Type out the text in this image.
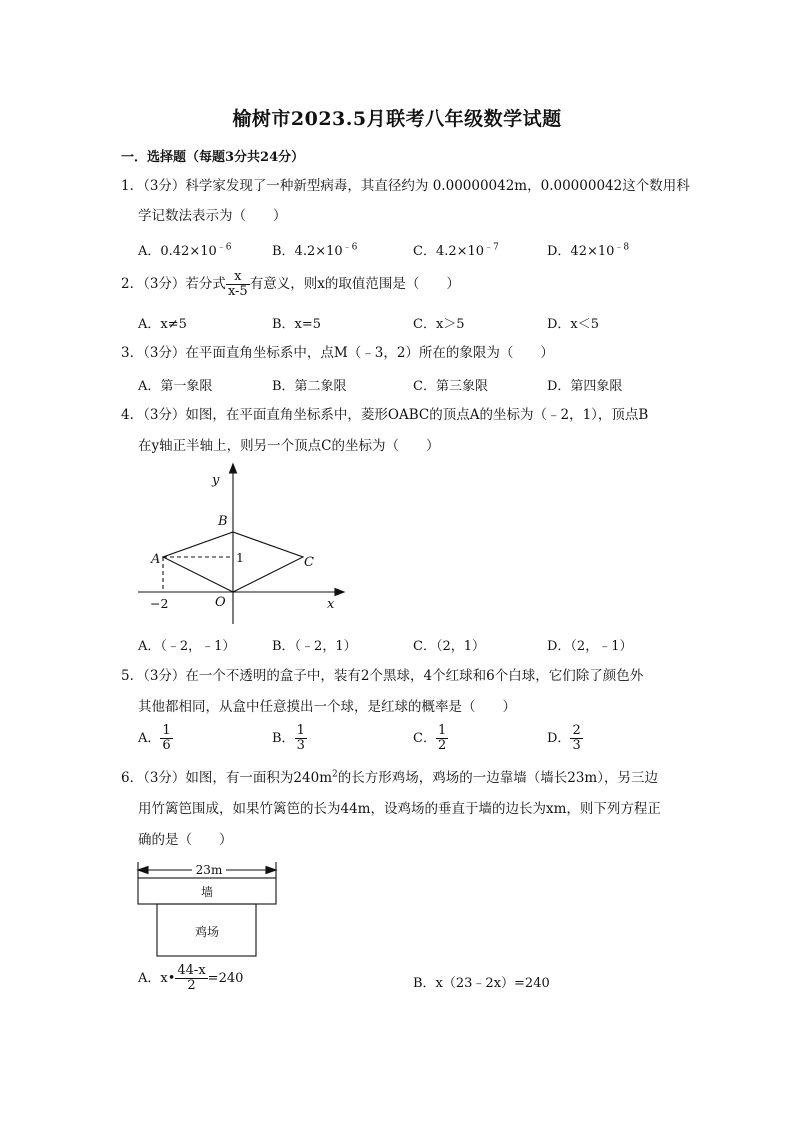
榆树市2023.5月联考八年级数学试题
一．选择题（每题3分共24分）
1．（3分）科学家发现了一种新型病毒，其直径约为 0.00000042m，0.00000042这个数用科
学记数法表示为（　　）
A．$0.42\times 10^{﹣6}$	B．$4.2\times 10^{﹣6}$	C．$4.2\times 10^{﹣7}$	D．$42\times 10^{﹣8}$
2．（3分）若分式 $\frac{x}{x-5}$ 有意义，则x的取值范围是（　　）
A．x≠5	B．x=5	C．x＞5	D．x＜5
3．（3分）在平面直角坐标系中，点M（﹣3，2）所在的象限为（　　）
A．第一象限	B．第二象限	C．第三象限	D．第四象限
4．（3分）如图，在平面直角坐标系中，菱形OABC的顶点A的坐标为（﹣2，1），顶点B
在y轴正半轴上，则另一个顶点C的坐标为（　　）
y
x
B
A	C
O
1
−2
A．（﹣2，﹣1）	B．（﹣2，1）	C．（2，1）	D．（2，﹣1）
5．（3分）在一个不透明的盒子中，装有2个黑球，4个红球和6个白球，它们除了颜色外
其他都相同，从盒中任意摸出一个球，是红球的概率是（　　）
A． $\frac{1}{6}$	B． $\frac{1}{3}$	C． $\frac{1}{2}$	D． $\frac{2}{3}$
6．（3分）如图，有一面积为$240m^2$的长方形鸡场，鸡场的一边靠墙（墙长23m），另三边
用竹篱笆围成，如果竹篱笆的长为44m，设鸡场的垂直于墙的边长为xm，则下列方程正
确的是（　　）
23m
墙
鸡场
A．x• $\frac{44-x}{2} =240$	B．x（23﹣2x）=240
